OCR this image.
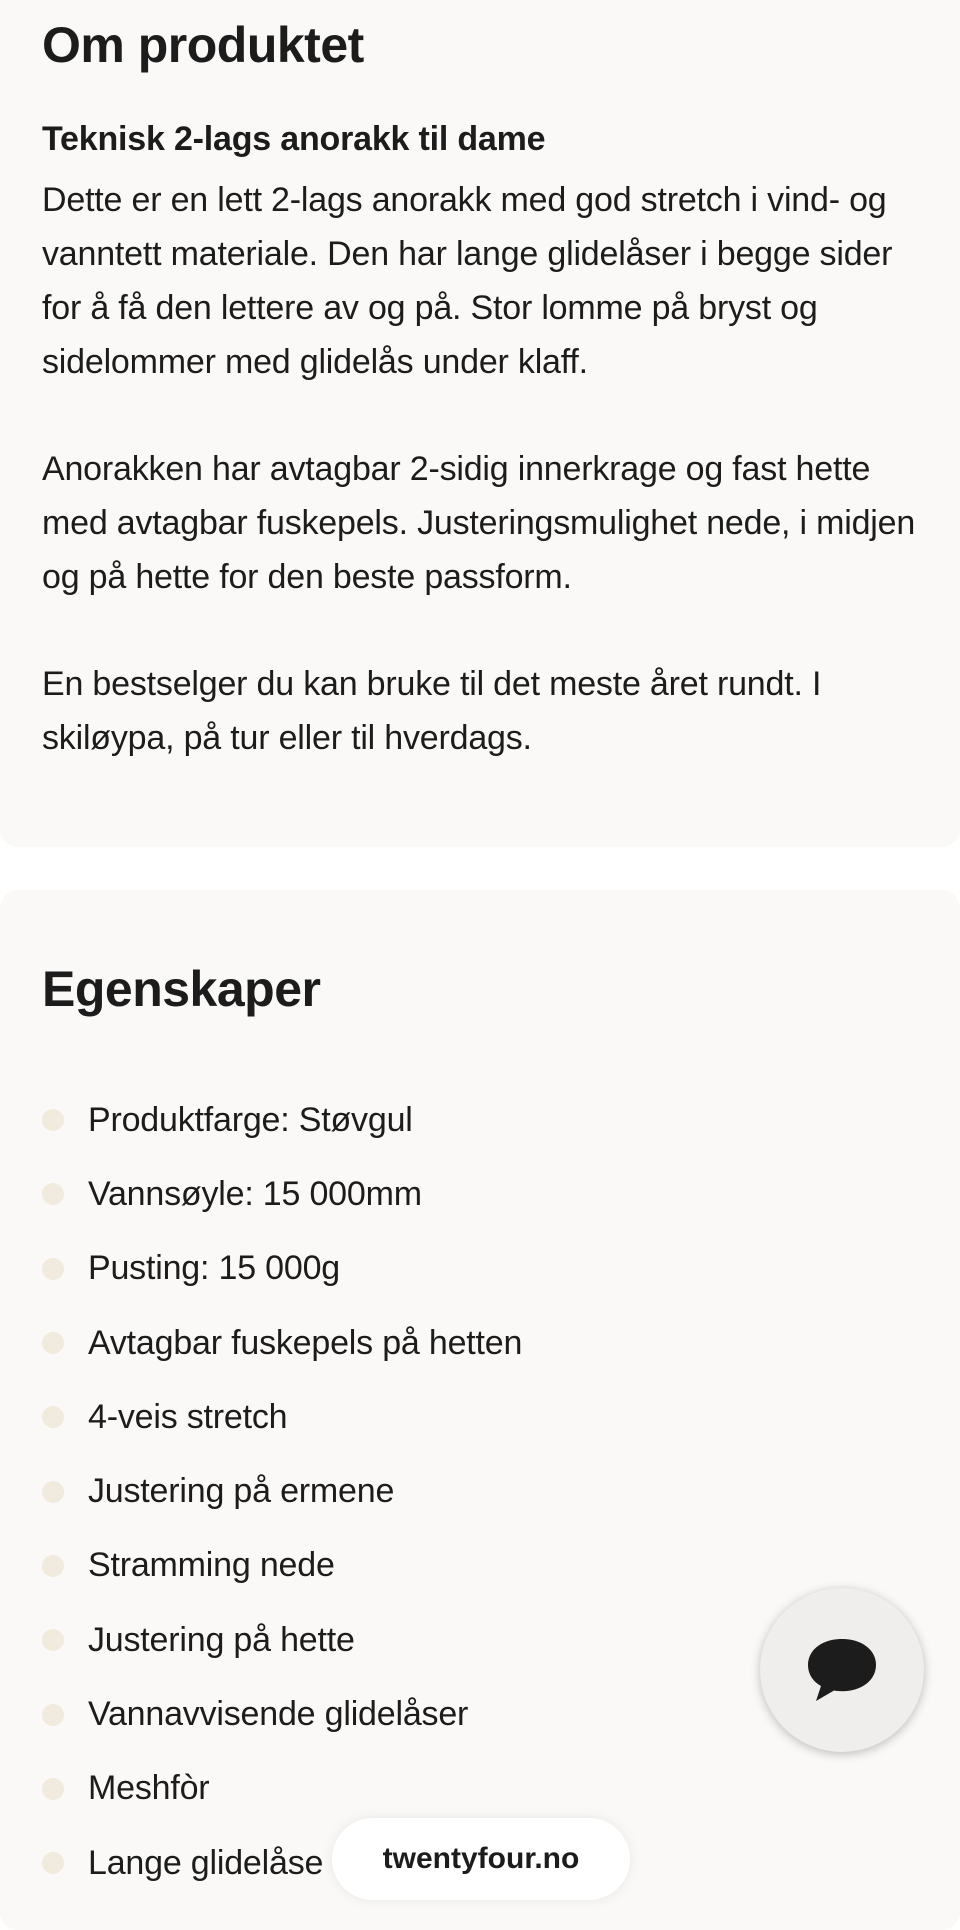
Om produktet
Teknisk 2-lags anorakk til dame

Dette er en lett 2-lags anorakk med god stretch i vind- og vanntett materiale. Den har lange glidelåser i begge sider for å få den lettere av og på. Stor lomme på bryst og sidelommer med glidelås under klaff.

Anorakken har avtagbar 2-sidig innerkrage og fast hette med avtagbar fuskepels. Justeringsmulighet nede, i midjen og på hette for den beste passform.

En bestselger du kan bruke til det meste året rundt. I skiløypa, på tur eller til hverdags.

Egenskaper
Produktfarge: Støvgul
Vannsøyle: 15 000mm
Pusting: 15 000g
Avtagbar fuskepels på hetten
4-veis stretch
Justering på ermene
Stramming nede
Justering på hette
Vannavvisende glidelåser
Meshfòr
Lange glidelåse twentyfour.no
